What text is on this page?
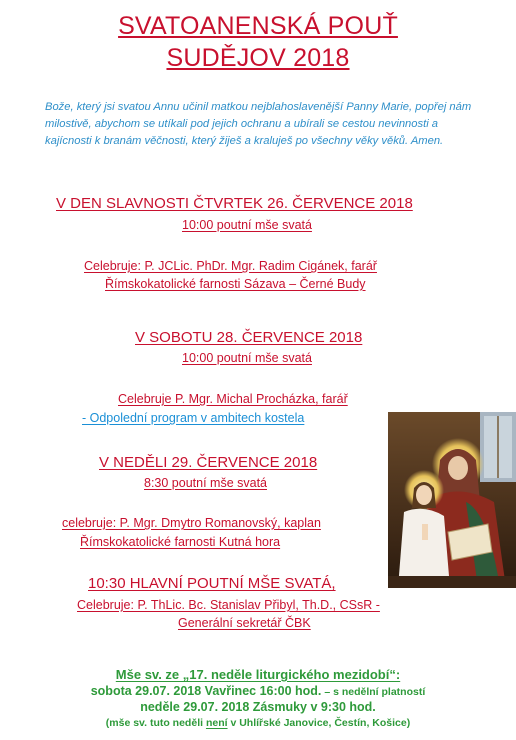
SVATOANENSKÁ POUŤ
SUDĚJOV 2018
Bože, který jsi svatou Annu učinil matkou nejblahoslavenější Panny Marie, popřej nám milostivě, abychom se utíkali pod jejich ochranu a ubírali se cestou nevinnosti a kajícnosti k branám věčnosti, který žiješ a kraluješ po všechny věky věků. Amen.
V DEN SLAVNOSTI ČTVRTEK 26. ČERVENCE 2018
10:00 poutní mše svatá
Celebruje: P. JCLic. PhDr. Mgr. Radim Cigánek, farář
Římskokatolické farnosti Sázava – Černé Budy
V SOBOTU 28. ČERVENCE 2018
10:00 poutní mše svatá
Celebruje P. Mgr. Michal Procházka, farář
- Odpolední program v ambitech kostela
V NEDĚLI 29. ČERVENCE 2018
8:30 poutní mše svatá
celebruje: P. Mgr. Dmytro Romanovský, kaplan
Římskokatolické farnosti Kutná hora
10:30 HLAVNÍ POUTNÍ MŠE SVATÁ,
Celebruje: P. ThLic. Bc. Stanislav Přibyl, Th.D., CSsR -
Generální sekretář ČBK
Mše sv. ze „17. neděle liturgického mezidobí“:
sobota 29.07. 2018 Vavřinec 16:00 hod. – s nedělní platností
neděle 29.07. 2018 Zásmuky v 9:30 hod.
(mše sv. tuto neděli není v Uhlířské Janovice, Čestín, Košice)
